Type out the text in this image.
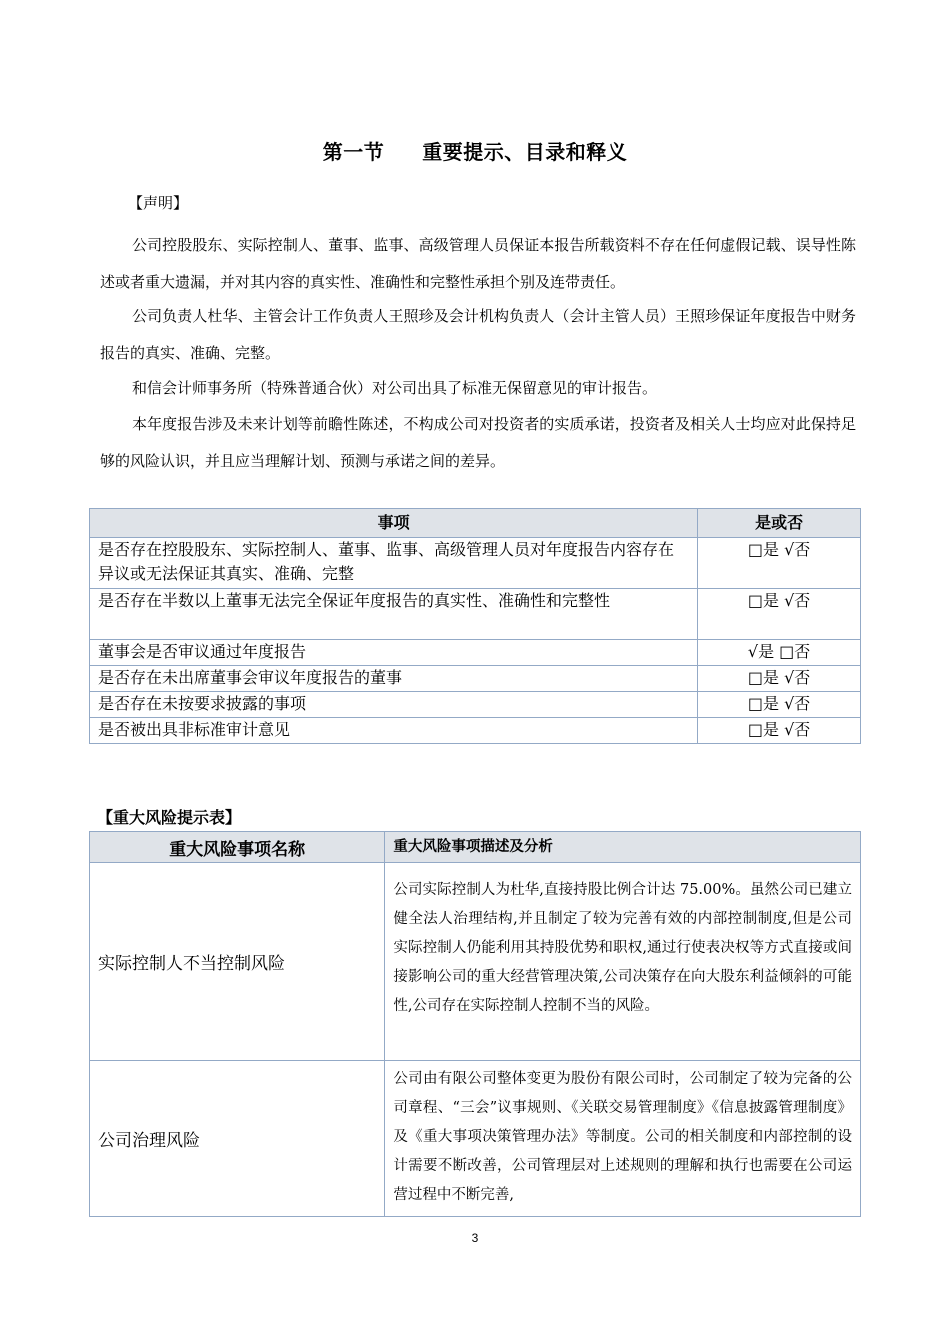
第一节 重要提示、目录和释义
【声明】
公司控股股东、实际控制人、董事、监事、高级管理人员保证本报告所载资料不存在任何虚假记载、误导性陈述或者重大遗漏，并对其内容的真实性、准确性和完整性承担个别及连带责任。
公司负责人杜华、主管会计工作负责人王照珍及会计机构负责人（会计主管人员）王照珍保证年度报告中财务报告的真实、准确、完整。
和信会计师事务所（特殊普通合伙）对公司出具了标准无保留意见的审计报告。
本年度报告涉及未来计划等前瞻性陈述，不构成公司对投资者的实质承诺，投资者及相关人士均应对此保持足够的风险认识，并且应当理解计划、预测与承诺之间的差异。
事项	是或否
是否存在控股股东、实际控制人、董事、监事、高级管理人员对年度报告内容存在异议或无法保证其真实、准确、完整	□是 √否
是否存在半数以上董事无法完全保证年度报告的真实性、准确性和完整性	□是 √否
董事会是否审议通过年度报告	√是 □否
是否存在未出席董事会审议年度报告的董事	□是 √否
是否存在未按要求披露的事项	□是 √否
是否被出具非标准审计意见	□是 √否
【重大风险提示表】
重大风险事项名称	重大风险事项描述及分析
实际控制人不当控制风险	公司实际控制人为杜华,直接持股比例合计达 75.00%。虽然公司已建立健全法人治理结构,并且制定了较为完善有效的内部控制制度,但是公司实际控制人仍能利用其持股优势和职权,通过行使表决权等方式直接或间接影响公司的重大经营管理决策,公司决策存在向大股东利益倾斜的可能性,公司存在实际控制人控制不当的风险。
公司治理风险	公司由有限公司整体变更为股份有限公司时，公司制定了较为完备的公司章程、“三会”议事规则、《关联交易管理制度》《信息披露管理制度》及《重大事项决策管理办法》等制度。公司的相关制度和内部控制的设计需要不断改善，公司管理层对上述规则的理解和执行也需要在公司运营过程中不断完善,
3
